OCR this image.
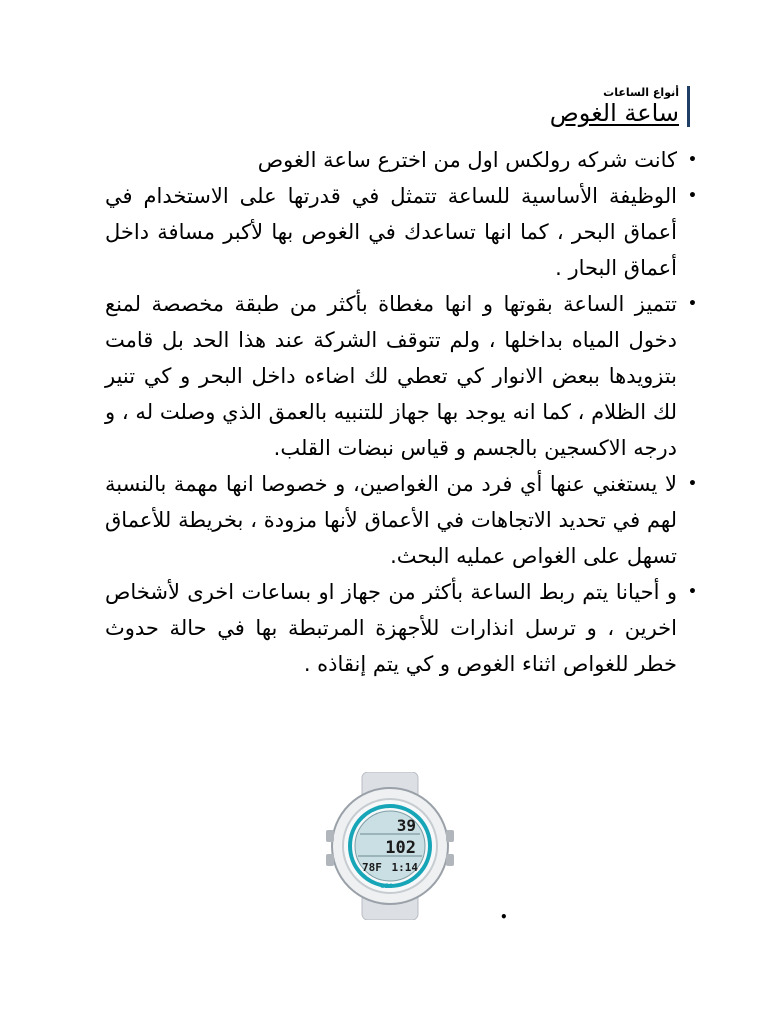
أنواع الساعات
ساعة الغوص
•
كانت شركه رولكس اول من اخترع ساعة الغوص
•
الوظيفة الأساسية للساعة تتمثل في قدرتها على الاستخدام في أعماق البحر ، كما انها تساعدك في الغوص بها لأكبر مسافة داخل أعماق البحار .
•
تتميز الساعة بقوتها و انها مغطاة بأكثر من طبقة مخصصة لمنع دخول المياه بداخلها ، ولم تتوقف الشركة عند هذا الحد بل قامت بتزويدها ببعض الانوار كي تعطي لك اضاءه داخل البحر و كي تنير لك الظلام ، كما انه يوجد بها جهاز للتنبيه بالعمق الذي وصلت له ، و درجه الاكسجين بالجسم و قياس نبضات القلب.
•
لا يستغني عنها أي فرد من الغواصين، و خصوصا انها مهمة بالنسبة لهم في تحديد الاتجاهات في الأعماق لأنها مزودة ، بخريطة للأعماق تسهل على الغواص عمليه البحث.
•
و أحيانا يتم ربط الساعة بأكثر من جهاز او بساعات اخرى لأشخاص اخرين ، و ترسل انذارات للأجهزة المرتبطة بها في حالة حدوث خطر للغواص اثناء الغوص و كي يتم إنقاذه .
39
102
78F 1:14
GEO
•
